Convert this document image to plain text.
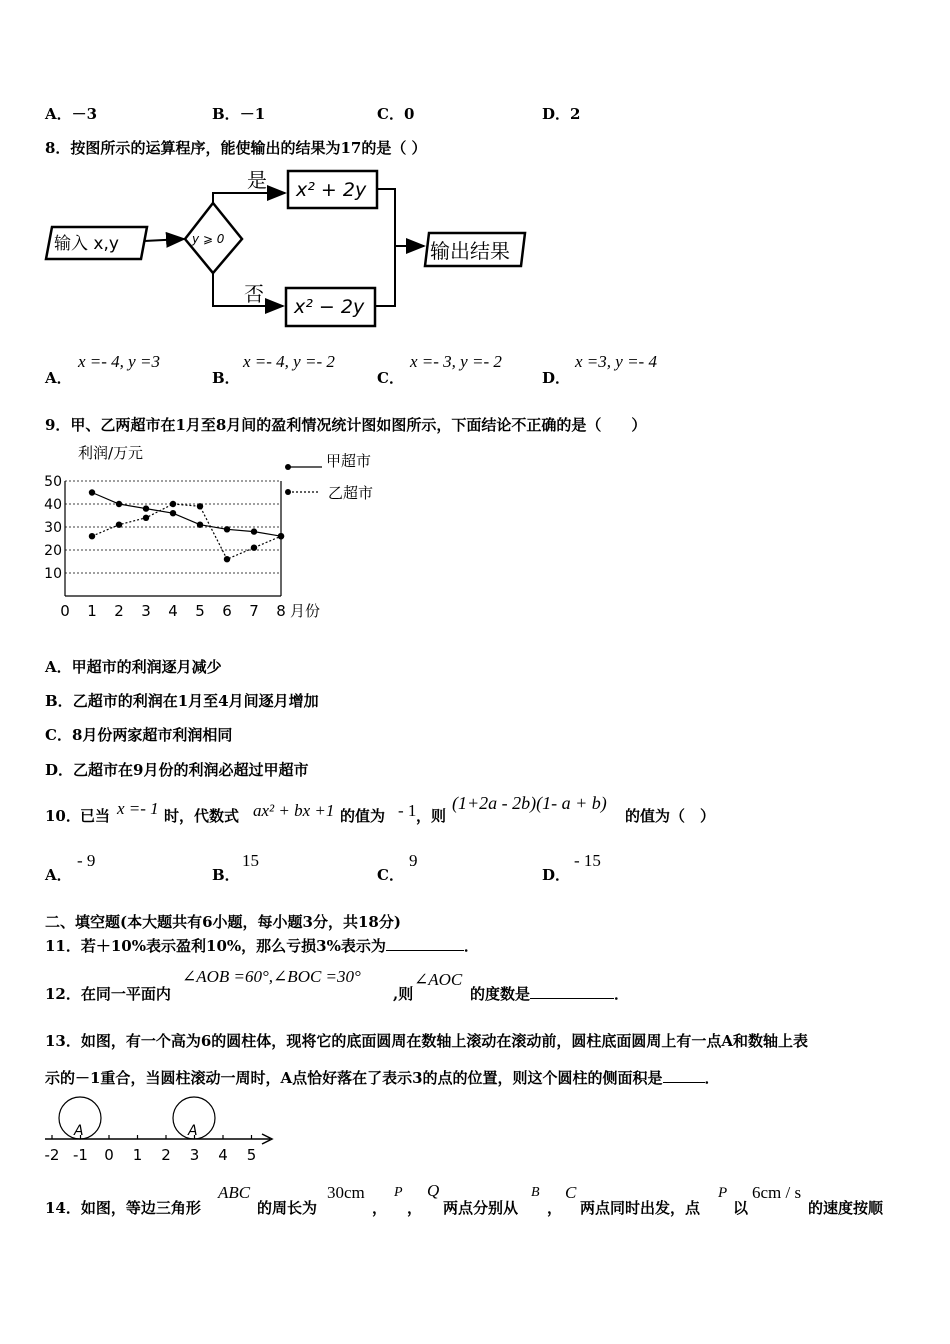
A．－3	B．－1	C．0	D．2
8．按图所示的运算程序，能使输出的结果为17的是（ ）
输入 x,y	y ⩾ 0
是
否
x² + 2y
x² − 2y
输出结果
A．
x =- 4, y =3
B．
x =- 4, y =- 2
C．
x =- 3, y =- 2
D．
x =3, y =- 4
9．甲、乙两超市在1月至8月间的盈利情况统计图如图所示，下面结论不正确的是（　　）
利润/万元
月份
10
20
30
40
50
0 1 2 3 4 5 6 7 8
甲超市
乙超市
A．甲超市的利润逐月减少
B．乙超市的利润在1月至4月间逐月增加
C．8月份两家超市利润相同
D．乙超市在9月份的利润必超过甲超市
10． 已当 x =- 1 时，代数式 ax² + bx +1 的值为 - 1 ，则
(1+2a - 2b)(1- a + b)
的值为（　）
A．
- 9
B．
15
C．
9
D．
- 15
二、填空题(本大题共有6小题，每小题3分，共18分)
11．若＋10%表示盈利10%，那么亏损3%表示为	．
12．在同一平面内
∠AOB =60°,∠BOC =30°
,则
∠AOC
的度数是	．
13．如图，有一个高为6的圆柱体，现将它的底面圆周在数轴上滚动在滚动前，圆柱底面圆周上有一点A和数轴上表
示的－1重合，当圆柱滚动一周时，A点恰好落在了表示3的点的位置，则这个圆柱的侧面积是	．
A	A
-2 -1 0 1 2 3 4 5
14．如图，等边三角形
ABC
的周长为
30cm
，
P
，
Q
两点分别从
B
，
C
两点同时出发，点
P
以
6cm / s
的速度按顺
